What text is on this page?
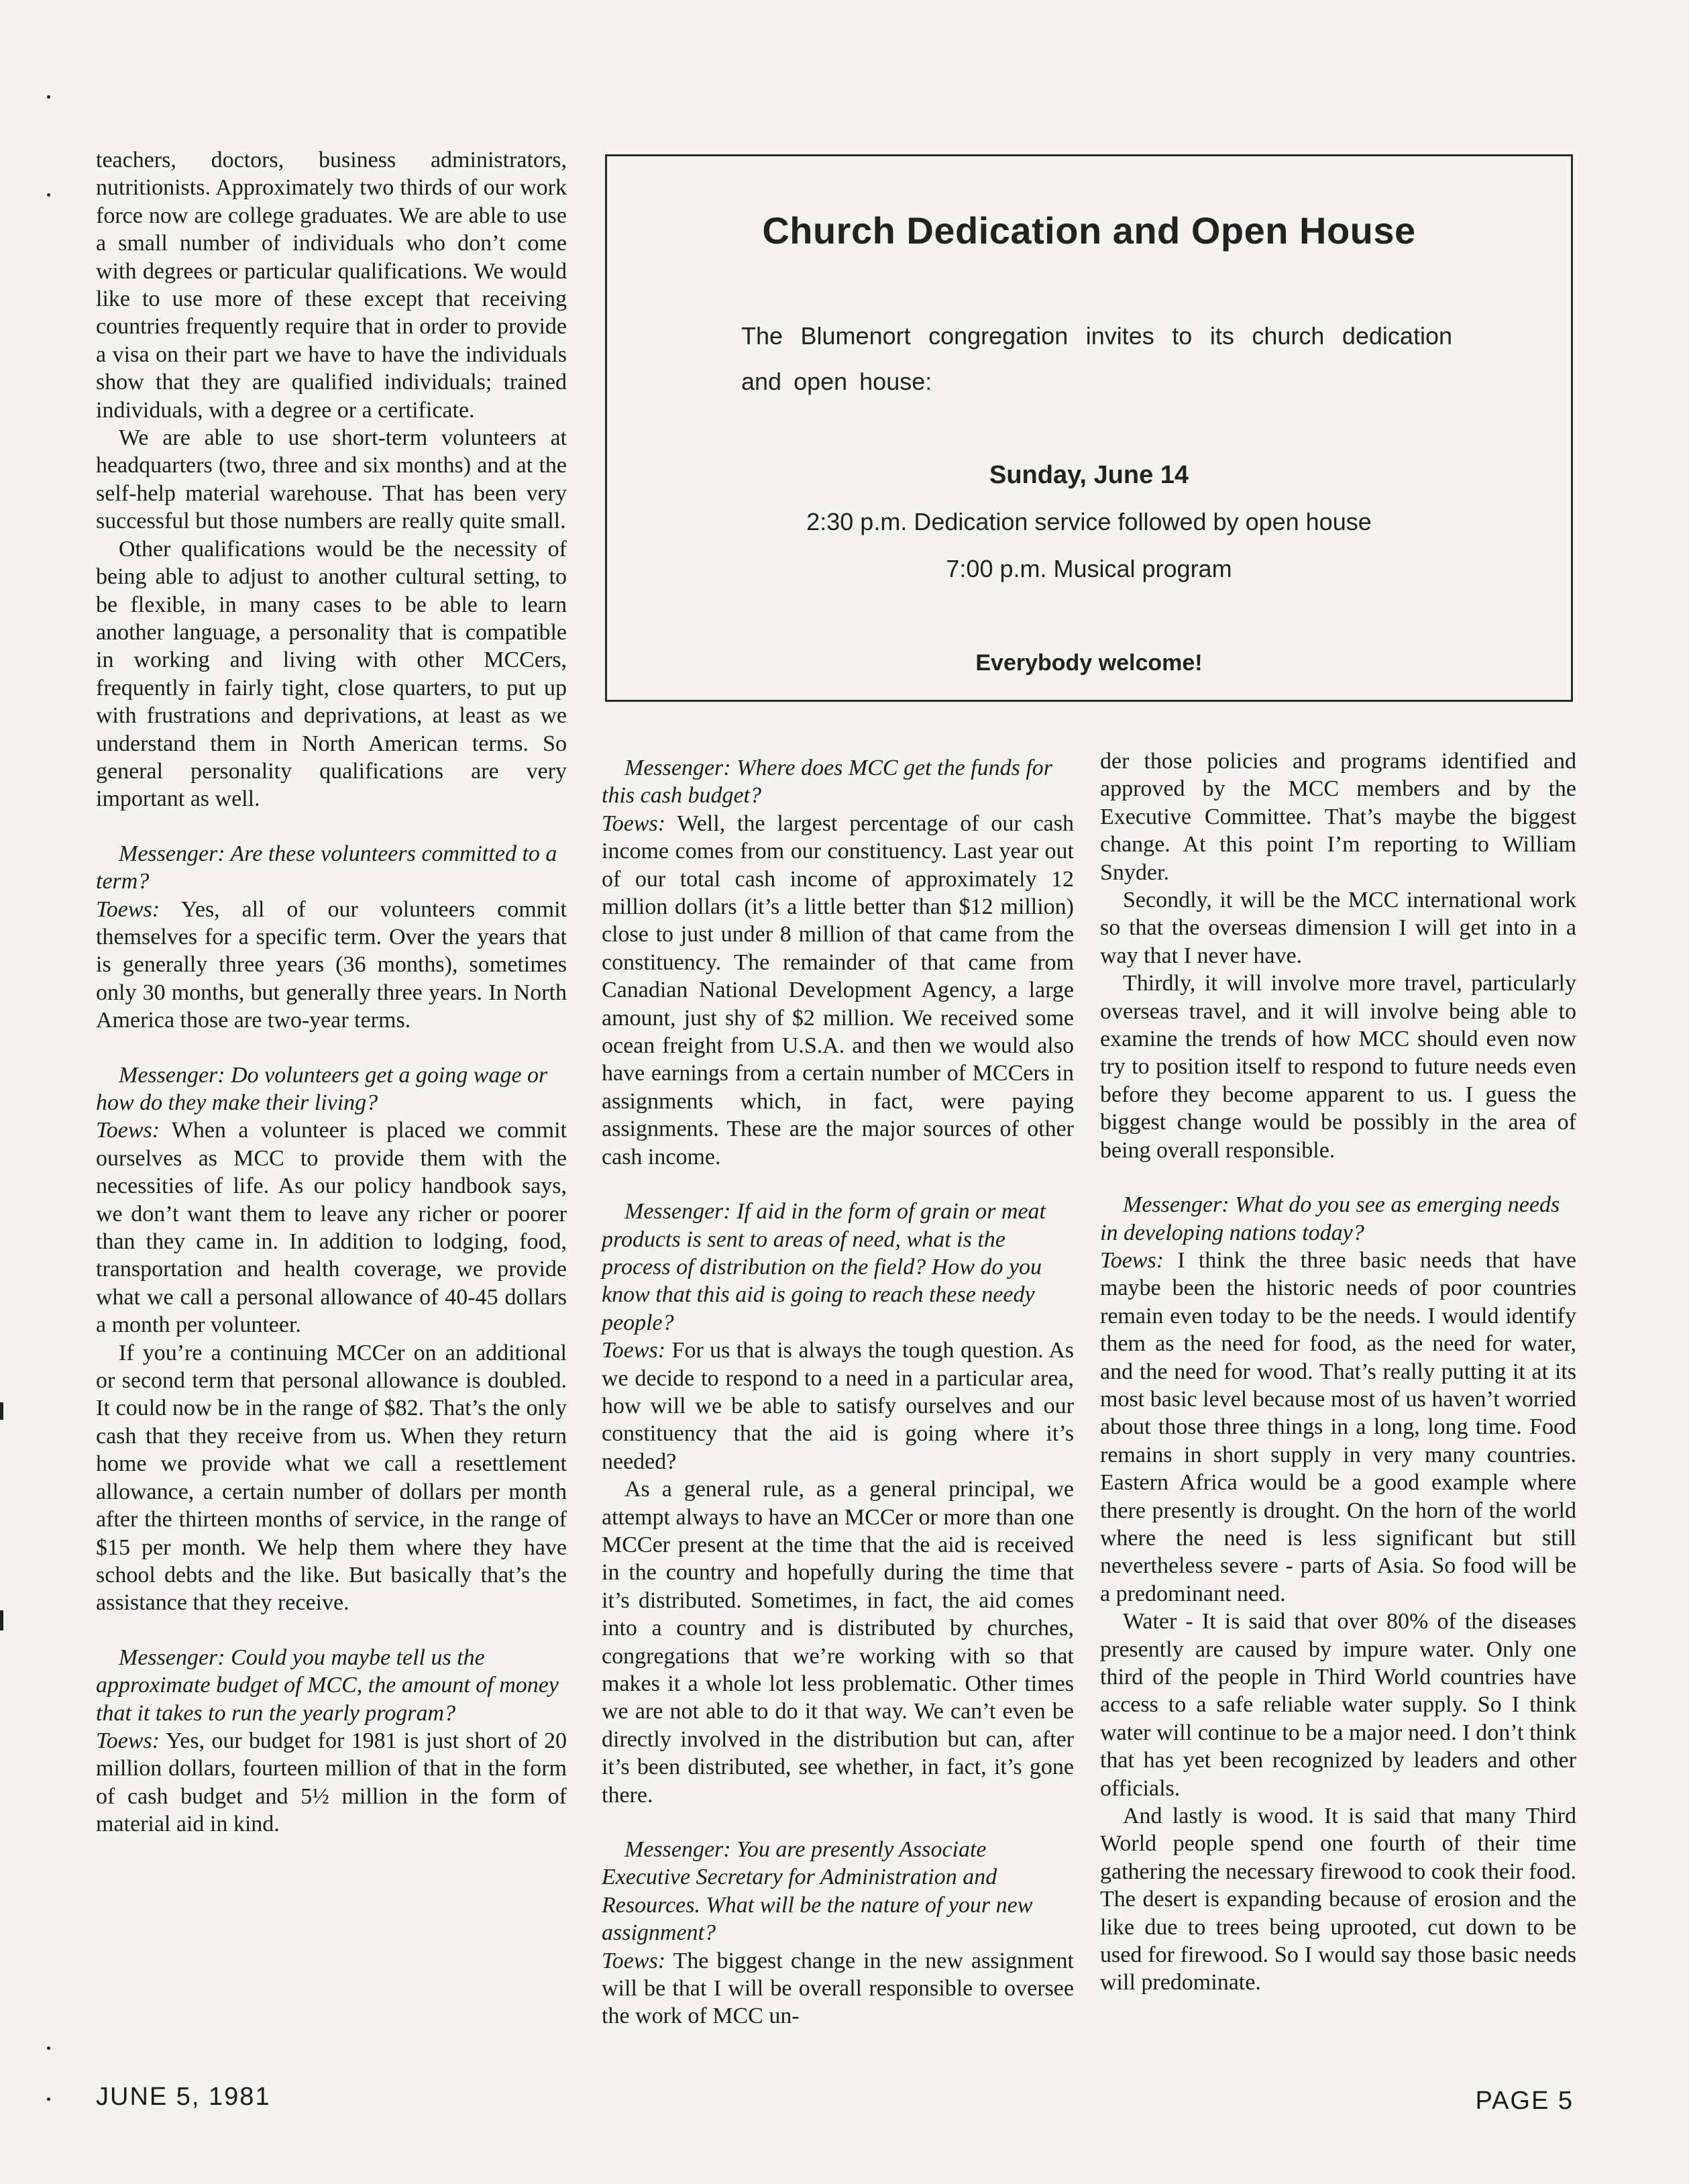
teachers, doctors, business administrators, nutritionists. Approximately two thirds of our work force now are college graduates. We are able to use a small number of individuals who don’t come with degrees or particular qualifications. We would like to use more of these except that receiving countries frequently require that in order to provide a visa on their part we have to have the individuals show that they are qualified individuals; trained individuals, with a degree or a certificate.

We are able to use short-term volunteers at headquarters (two, three and six months) and at the self-help material warehouse. That has been very successful but those numbers are really quite small.

Other qualifications would be the necessity of being able to adjust to another cultural setting, to be flexible, in many cases to be able to learn another language, a personality that is compatible in working and living with other MCCers, frequently in fairly tight, close quarters, to put up with frustrations and deprivations, at least as we understand them in North American terms. So general personality qualifications are very important as well.

Messenger: Are these volunteers committed to a term?

Toews: Yes, all of our volunteers commit themselves for a specific term. Over the years that is generally three years (36 months), sometimes only 30 months, but generally three years. In North America those are two-year terms.

Messenger: Do volunteers get a going wage or how do they make their living?

Toews: When a volunteer is placed we commit ourselves as MCC to provide them with the necessities of life. As our policy handbook says, we don’t want them to leave any richer or poorer than they came in. In addition to lodging, food, transportation and health coverage, we provide what we call a personal allowance of 40-45 dollars a month per volunteer.

If you’re a continuing MCCer on an additional or second term that personal allowance is doubled. It could now be in the range of $82. That’s the only cash that they receive from us. When they return home we provide what we call a resettlement allowance, a certain number of dollars per month after the thirteen months of service, in the range of $15 per month. We help them where they have school debts and the like. But basically that’s the assistance that they receive.

Messenger: Could you maybe tell us the approximate budget of MCC, the amount of money that it takes to run the yearly program?

Toews: Yes, our budget for 1981 is just short of 20 million dollars, fourteen million of that in the form of cash budget and 5½ million in the form of material aid in kind.

Church Dedication and Open House
The Blumenort congregation invites to its church dedication and open house:
Sunday, June 14
2:30 p.m. Dedication service followed by open house
7:00 p.m. Musical program
Everybody welcome!

Messenger: Where does MCC get the funds for this cash budget?

Toews: Well, the largest percentage of our cash income comes from our constituency. Last year out of our total cash income of approximately 12 million dollars (it’s a little better than $12 million) close to just under 8 million of that came from the constituency. The remainder of that came from Canadian National Development Agency, a large amount, just shy of $2 million. We received some ocean freight from U.S.A. and then we would also have earnings from a certain number of MCCers in assignments which, in fact, were paying assignments. These are the major sources of other cash income.

Messenger: If aid in the form of grain or meat products is sent to areas of need, what is the process of distribution on the field? How do you know that this aid is going to reach these needy people?

Toews: For us that is always the tough question. As we decide to respond to a need in a particular area, how will we be able to satisfy ourselves and our constituency that the aid is going where it’s needed?

As a general rule, as a general principal, we attempt always to have an MCCer or more than one MCCer present at the time that the aid is received in the country and hopefully during the time that it’s distributed. Sometimes, in fact, the aid comes into a country and is distributed by churches, congregations that we’re working with so that makes it a whole lot less problematic. Other times we are not able to do it that way. We can’t even be directly involved in the distribution but can, after it’s been distributed, see whether, in fact, it’s gone there.

Messenger: You are presently Associate Executive Secretary for Administration and Resources. What will be the nature of your new assignment?

Toews: The biggest change in the new assignment will be that I will be overall responsible to oversee the work of MCC un-

der those policies and programs identified and approved by the MCC members and by the Executive Committee. That’s maybe the biggest change. At this point I’m reporting to William Snyder.

Secondly, it will be the MCC international work so that the overseas dimension I will get into in a way that I never have.

Thirdly, it will involve more travel, particularly overseas travel, and it will involve being able to examine the trends of how MCC should even now try to position itself to respond to future needs even before they become apparent to us. I guess the biggest change would be possibly in the area of being overall responsible.

Messenger: What do you see as emerging needs in developing nations today?

Toews: I think the three basic needs that have maybe been the historic needs of poor countries remain even today to be the needs. I would identify them as the need for food, as the need for water, and the need for wood. That’s really putting it at its most basic level because most of us haven’t worried about those three things in a long, long time. Food remains in short supply in very many countries. Eastern Africa would be a good example where there presently is drought. On the horn of the world where the need is less significant but still nevertheless severe - parts of Asia. So food will be a predominant need.

Water - It is said that over 80% of the diseases presently are caused by impure water. Only one third of the people in Third World countries have access to a safe reliable water supply. So I think water will continue to be a major need. I don’t think that has yet been recognized by leaders and other officials.

And lastly is wood. It is said that many Third World people spend one fourth of their time gathering the necessary firewood to cook their food. The desert is expanding because of erosion and the like due to trees being uprooted, cut down to be used for firewood. So I would say those basic needs will predominate.

JUNE 5, 1981	PAGE 5
